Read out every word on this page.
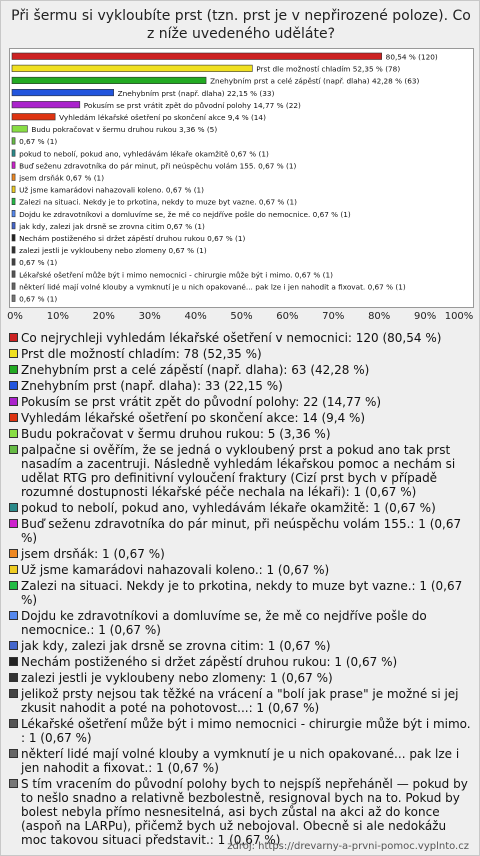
Při šermu si vykloubíte prst (tzn. prst je v nepřirozené poloze). Co z níže uvedeného uděláte?
80,54 % (120)
Prst dle možností chladím 52,35 % (78)
Znehybním prst a celé zápěstí (např. dlaha) 42,28 % (63)
Znehybním prst (např. dlaha) 22,15 % (33)
Pokusím se prst vrátit zpět do původní polohy 14,77 % (22)
Vyhledám lékařské ošetření po skončení akce 9,4 % (14)
Budu pokračovat v šermu druhou rukou 3,36 % (5)
0,67 % (1)
pokud to nebolí, pokud ano, vyhledávám lékaře okamžitě 0,67 % (1)
Buď seženu zdravotníka do pár minut, při neúspěchu volám 155. 0,67 % (1)
jsem drsňák 0,67 % (1)
Už jsme kamarádovi nahazovali koleno. 0,67 % (1)
Zalezi na situaci. Nekdy je to prkotina, nekdy to muze byt vazne. 0,67 % (1)
Dojdu ke zdravotníkovi a domluvíme se, že mě co nejdříve pošle do nemocnice. 0,67 % (1)
jak kdy, zalezi jak drsně se zrovna citim 0,67 % (1)
Nechám postiženého si držet zápěstí druhou rukou 0,67 % (1)
zalezi jestli je vykloubeny nebo zlomeny 0,67 % (1)
0,67 % (1)
Lékařské ošetření může být i mimo nemocnici - chirurgie může být i mimo. 0,67 % (1)
některí lidé mají volné klouby a vymknutí je u nich opakované... pak lze i jen nahodit a fixovat. 0,67 % (1)
0,67 % (1)
0% 10% 20% 30% 40% 50% 60% 70% 80% 90% 100%
Co nejrychleji vyhledám lékařské ošetření v nemocnici: 120 (80,54 %)
Prst dle možností chladím: 78 (52,35 %)
Znehybním prst a celé zápěstí (např. dlaha): 63 (42,28 %)
Znehybním prst (např. dlaha): 33 (22,15 %)
Pokusím se prst vrátit zpět do původní polohy: 22 (14,77 %)
Vyhledám lékařské ošetření po skončení akce: 14 (9,4 %)
Budu pokračovat v šermu druhou rukou: 5 (3,36 %)
palpačne si ověřím, že se jedná o vykloubený prst a pokud ano tak prst nasadím a zacentruji. Následně vyhledám lékařskou pomoc a nechám si udělat RTG pro definitivní vyloučení fraktury (Cizí prst bych v případě rozumné dostupnosti lékařské péče nechala na lékaři): 1 (0,67 %)
pokud to nebolí, pokud ano, vyhledávám lékaře okamžitě: 1 (0,67 %)
Buď seženu zdravotníka do pár minut, při neúspěchu volám 155.: 1 (0,67 %)
jsem drsňák: 1 (0,67 %)
Už jsme kamarádovi nahazovali koleno.: 1 (0,67 %)
Zalezi na situaci. Nekdy je to prkotina, nekdy to muze byt vazne.: 1 (0,67 %)
Dojdu ke zdravotníkovi a domluvíme se, že mě co nejdříve pošle do nemocnice.: 1 (0,67 %)
jak kdy, zalezi jak drsně se zrovna citim: 1 (0,67 %)
Nechám postiženého si držet zápěstí druhou rukou: 1 (0,67 %)
zalezi jestli je vykloubeny nebo zlomeny: 1 (0,67 %)
jelikož prsty nejsou tak těžké na vrácení a "bolí jak prase" je možné si jej zkusit nahodit a poté na pohotovost...: 1 (0,67 %)
Lékařské ošetření může být i mimo nemocnici - chirurgie může být i mimo. : 1 (0,67 %)
některí lidé mají volné klouby a vymknutí je u nich opakované... pak lze i jen nahodit a fixovat.: 1 (0,67 %)
S tím vracením do původní polohy bych to nejspíš nepřeháněl — pokud by to nešlo snadno a relativně bezbolestně, resignoval bych na to. Pokud by bolest nebyla přímo nesnesitelná, asi bych zůstal na akci až do konce (aspoň na LARPu), přičemž bych už nebojoval. Obecně si ale nedokážu moc takovou situaci představit.: 1 (0,67 %)
zdroj: https://drevarny-a-prvni-pomoc.vyplnto.cz
